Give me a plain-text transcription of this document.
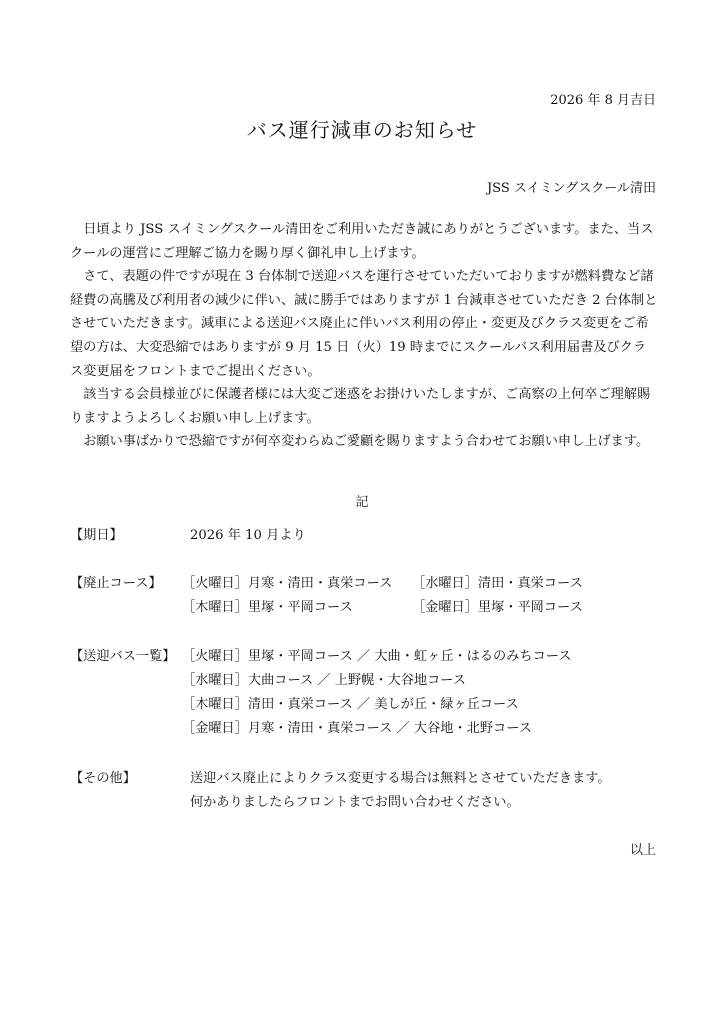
2026 年 8 月吉日
バス運行減車のお知らせ
JSS スイミングスクール清田

日頃より JSS スイミングスクール清田をご利用いただき誠にありがとうございます。また、当スクールの運営にご理解ご協力を賜り厚く御礼申し上げます。

さて、表題の件ですが現在 3 台体制で送迎バスを運行させていただいておりますが燃料費など諸経費の高騰及び利用者の減少に伴い、誠に勝手ではありますが 1 台減車させていただき 2 台体制とさせていただきます。減車による送迎バス廃止に伴いバス利用の停止・変更及びクラス変更をご希望の方は、大変恐縮ではありますが 9 月 15 日（火）19 時までにスクールバス利用届書及びクラス変更届をフロントまでご提出ください。

該当する会員様並びに保護者様には大変ご迷惑をお掛けいたしますが、ご高察の上何卒ご理解賜りますようよろしくお願い申し上げます。

お願い事ばかりで恐縮ですが何卒変わらぬご愛顧を賜りますよう合わせてお願い申し上げます。

記
【期日】	2026 年 10 月より
【廃止コース】 ［火曜日］月寒・清田・真栄コース ［水曜日］清田・真栄コース
［木曜日］里塚・平岡コース	［金曜日］里塚・平岡コース
【送迎バス一覧】 ［火曜日］里塚・平岡コース ／ 大曲・虹ヶ丘・はるのみちコース
［水曜日］大曲コース ／ 上野幌・大谷地コース
［木曜日］清田・真栄コース ／ 美しが丘・緑ヶ丘コース
［金曜日］月寒・清田・真栄コース ／ 大谷地・北野コース
【その他】	送迎バス廃止によりクラス変更する場合は無料とさせていただきます。
何かありましたらフロントまでお問い合わせください。
以上
